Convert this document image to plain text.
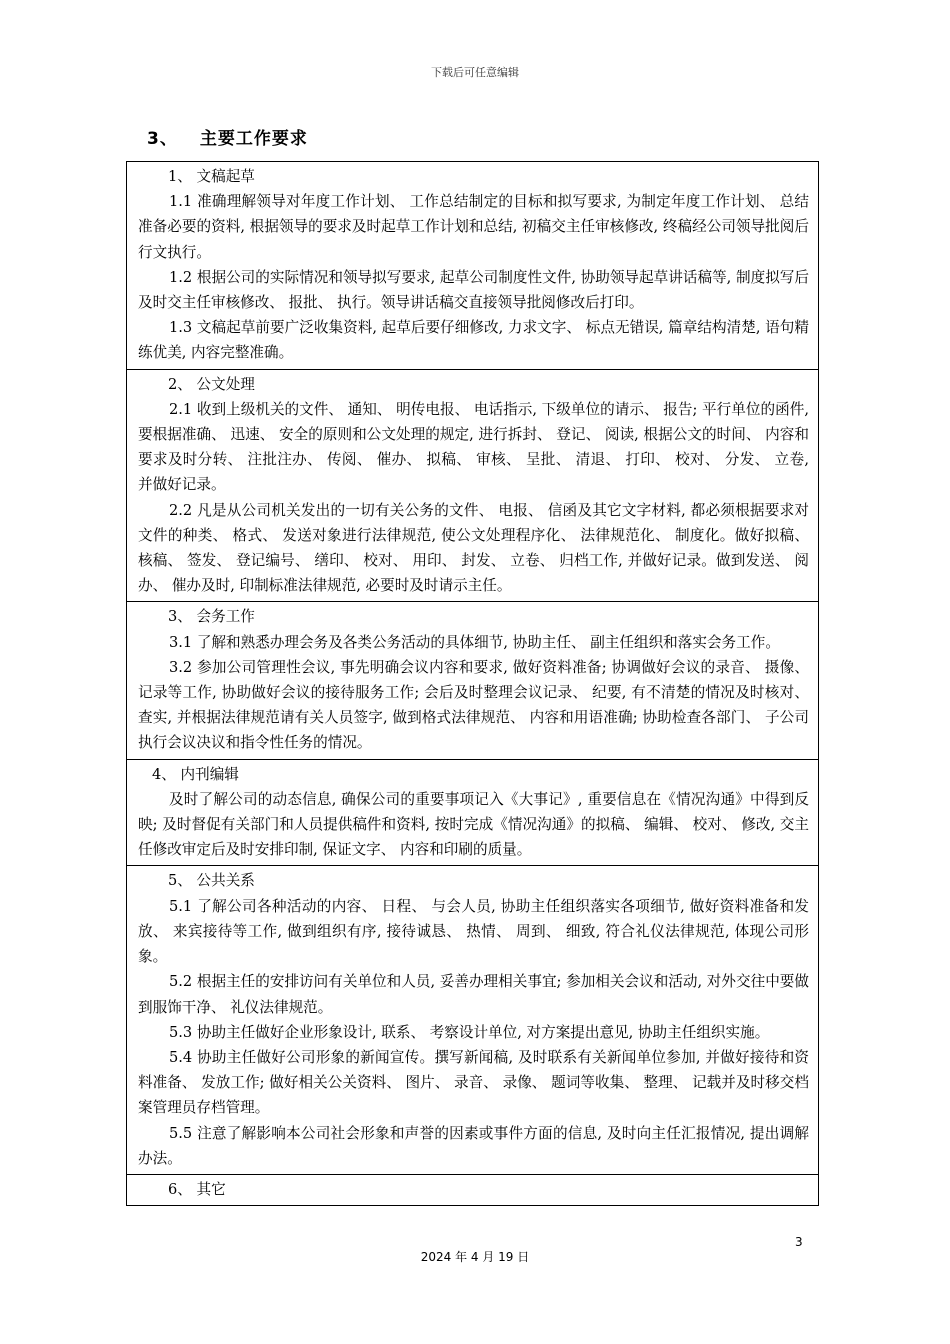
下载后可任意编辑
3、 主要工作要求

1、 文稿起草

1.1 准确理解领导对年度工作计划、 工作总结制定的目标和拟写要求, 为制定年度工作计划、 总结准备必要的资料, 根据领导的要求及时起草工作计划和总结, 初稿交主任审核修改, 终稿经公司领导批阅后行文执行。

1.2 根据公司的实际情况和领导拟写要求, 起草公司制度性文件, 协助领导起草讲话稿等, 制度拟写后及时交主任审核修改、 报批、 执行。领导讲话稿交直接领导批阅修改后打印。

1.3 文稿起草前要广泛收集资料, 起草后要仔细修改, 力求文字、 标点无错误, 篇章结构清楚, 语句精练优美, 内容完整准确。

2、 公文处理

2.1 收到上级机关的文件、 通知、 明传电报、 电话指示, 下级单位的请示、 报告; 平行单位的函件, 要根据准确、 迅速、 安全的原则和公文处理的规定, 进行拆封、 登记、 阅读, 根据公文的时间、 内容和要求及时分转、 注批注办、 传阅、 催办、 拟稿、 审核、 呈批、 清退、 打印、 校对、 分发、 立卷, 并做好记录。

2.2 凡是从公司机关发出的一切有关公务的文件、 电报、 信函及其它文字材料, 都必须根据要求对文件的种类、 格式、 发送对象进行法律规范, 使公文处理程序化、 法律规范化、 制度化。做好拟稿、 核稿、 签发、 登记编号、 缮印、 校对、 用印、 封发、 立卷、 归档工作, 并做好记录。做到发送、 阅办、 催办及时, 印制标准法律规范, 必要时及时请示主任。

3、 会务工作

3.1 了解和熟悉办理会务及各类公务活动的具体细节, 协助主任、 副主任组织和落实会务工作。

3.2 参加公司管理性会议, 事先明确会议内容和要求, 做好资料准备; 协调做好会议的录音、 摄像、 记录等工作, 协助做好会议的接待服务工作; 会后及时整理会议记录、 纪要, 有不清楚的情况及时核对、 查实, 并根据法律规范请有关人员签字, 做到格式法律规范、 内容和用语准确; 协助检查各部门、 子公司执行会议决议和指令性任务的情况。

4、 内刊编辑

及时了解公司的动态信息, 确保公司的重要事项记入《大事记》, 重要信息在《情况沟通》中得到反映; 及时督促有关部门和人员提供稿件和资料, 按时完成《情况沟通》的拟稿、 编辑、 校对、 修改, 交主任修改审定后及时安排印制, 保证文字、 内容和印刷的质量。

5、 公共关系

5.1 了解公司各种活动的内容、 日程、 与会人员, 协助主任组织落实各项细节, 做好资料准备和发放、 来宾接待等工作, 做到组织有序, 接待诚恳、 热情、 周到、 细致, 符合礼仪法律规范, 体现公司形象。

5.2 根据主任的安排访问有关单位和人员, 妥善办理相关事宜; 参加相关会议和活动, 对外交往中要做到服饰干净、 礼仪法律规范。

5.3 协助主任做好企业形象设计, 联系、 考察设计单位, 对方案提出意见, 协助主任组织实施。

5.4 协助主任做好公司形象的新闻宣传。撰写新闻稿, 及时联系有关新闻单位参加, 并做好接待和资料准备、 发放工作; 做好相关公关资料、 图片、 录音、 录像、 题词等收集、 整理、 记载并及时移交档案管理员存档管理。

5.5 注意了解影响本公司社会形象和声誉的因素或事件方面的信息, 及时向主任汇报情况, 提出调解办法。

6、 其它

3
2024 年 4 月 19 日
